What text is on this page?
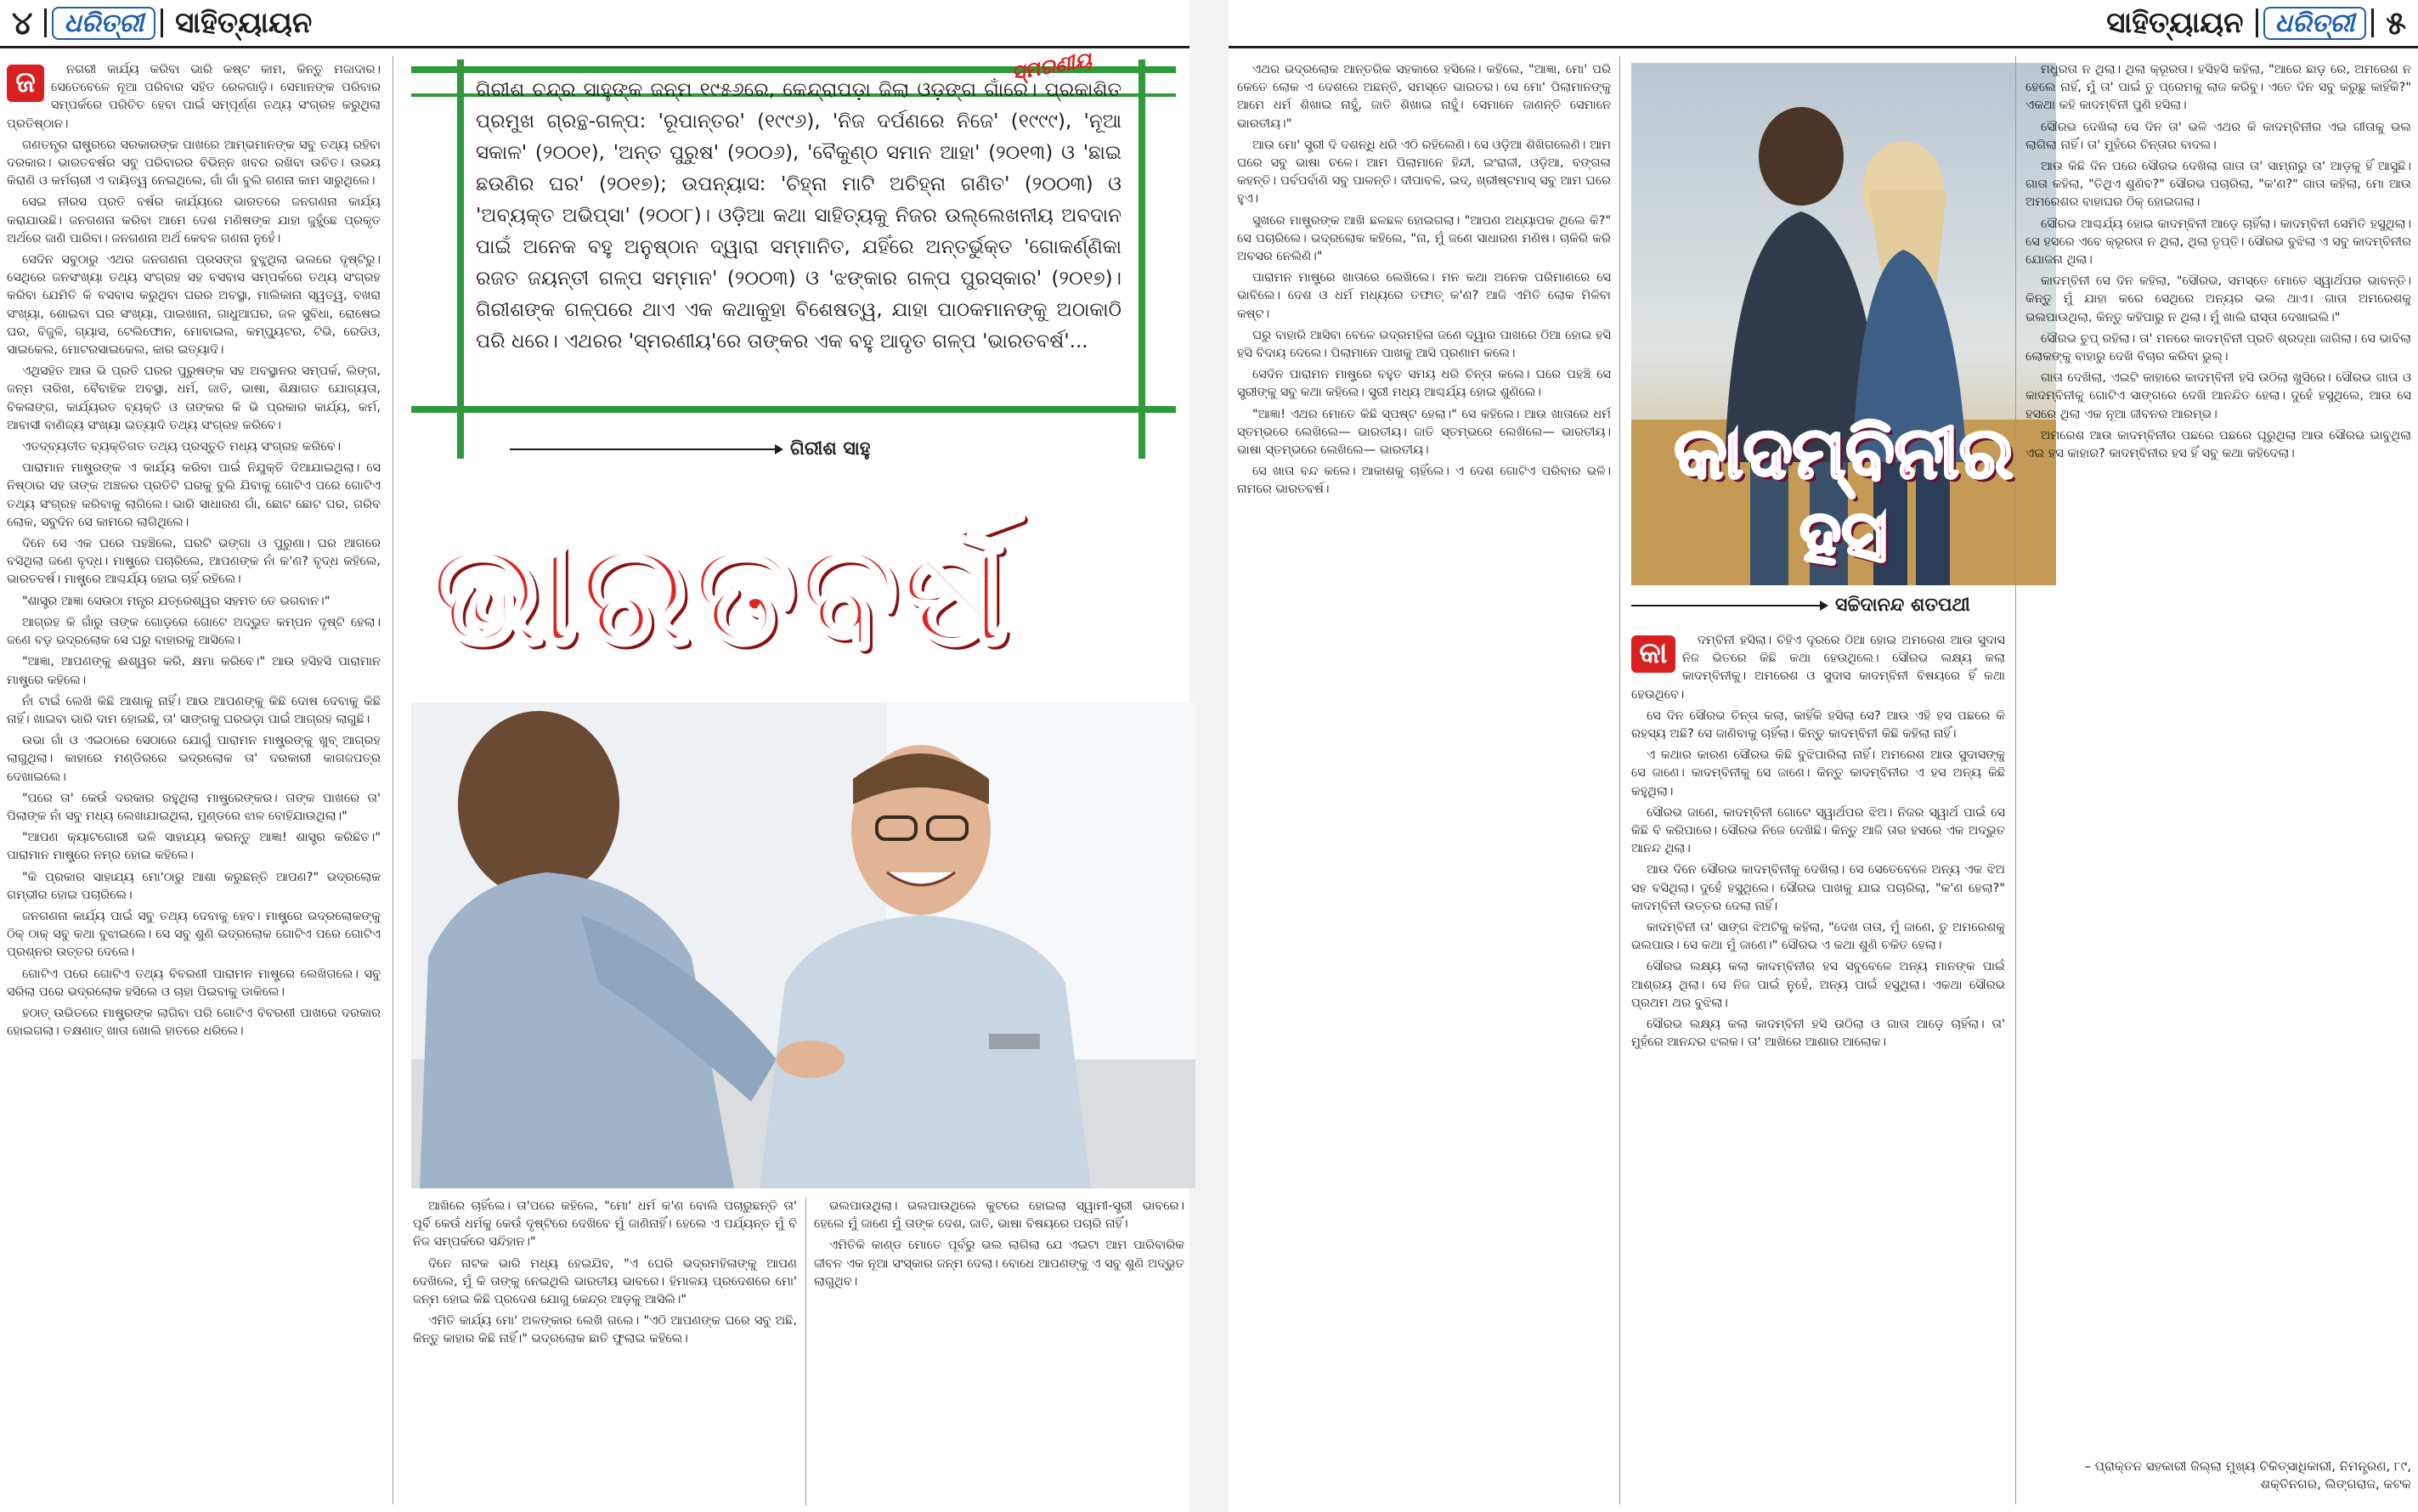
୪	ଧରିତ୍ରୀ	ସାହିତ୍ୟାୟନ	ସାହିତ୍ୟାୟନ	ଧରିତ୍ରୀ ୫
ଜ	ନଗରୀ କାର୍ଯ୍ୟ କରିବା ଭାରି କଷ୍ଟ କାମ, କିନ୍ତୁ ମଜାଦାର। ସେତେବେଳେ ନୂଆ ପରିବାର ସହିତ ରେଳଗାଡ଼ି। ସେମାନଙ୍କ ପରିବାର ସମ୍ପର୍କରେ ପରିଚିତ ହେବା ପାଇଁ ସମ୍ପୂର୍ଣ୍ଣ ତଥ୍ୟ ସଂଗ୍ରହ କରୁଥିଲା ପ୍ରତିଷ୍ଠାନ।

ଗଣତନ୍ତ୍ର ରାଷ୍ଟ୍ରରେ ସରକାରଙ୍କ ପାଖରେ ଆମ୍ଭମାନଙ୍କ ସବୁ ତଥ୍ୟ ରହିବା ଦରକାର। ଭାରତବର୍ଷର ସବୁ ପରିବାରର ବିଭିନ୍ନ ଖବର ରଖିବା ଉଚିତ। ଉଭୟ କିରାଣି ଓ କର୍ମଚାରୀ ଏ ଦାୟିତ୍ୱ ନେଇଥିଲେ, ଗାଁ ଗାଁ ବୁଲି ଗଣନା କାମ ସାରୁଥିଲେ।

ସେଇ ନୀରସ ପ୍ରତି ବର୍ଷର କାର୍ଯ୍ୟରେ ଭାରତରେ ଜନଗଣନା କାର୍ଯ୍ୟ କରାଯାଉଛି। ଜନଗଣନା କରିବା ଆମେ ଦେଶ ମଣିଷଙ୍କ ଯାହା ଜୁହୁଁଛେ ପ୍ରକୃତ ଅର୍ଥରେ ଜାଣି ପାରିବା। ଜନଗଣନା ଅର୍ଥ କେବଳ ଗଣନା ନୁହେଁ।

ସେଦିନ ସବୁଠାରୁ ଏଥର ଜନଗଣନା ପ୍ରସଙ୍ଗ ବୁଝୁଥିଲା ଭଲରେ ଦୃଷ୍ଟିରୁ। ସେଥିରେ ଜନସଂଖ୍ୟା ତଥ୍ୟ ସଂଗ୍ରହ ସହ ବସବାସ ସମ୍ପର୍କରେ ତଥ୍ୟ ସଂଗ୍ରହ କରିବା ଯେମିତି କି ବସବାସ କରୁଥିବା ଘରର ଅବସ୍ଥା, ମାଲିକାନା ସ୍ୱତ୍ୱ, ବଖରା ସଂଖ୍ୟା, ଶୋଇବା ଘର ସଂଖ୍ୟା, ପାଇଖାନା, ଗାଧୁଆଘର, ଜଳ ସୁବିଧା, ରୋଷେଇ ଘର, ବିଜୁଳି, ଗ୍ୟାସ, ଟେଲିଫୋନ, ମୋବାଇଲ, କମ୍ପ୍ୟୁଟର, ଟିଭି, ରେଡିଓ, ସାଇକେଲ, ମୋଟରସାଇକେଲ, କାର ଇତ୍ୟାଦି।

ଏଥିସହିତ ଆଉ ଭି ପ୍ରତି ଘରର ପୁରୁଷଙ୍କ ସହ ଅବସ୍ଥାନର ସମ୍ପର୍କ, ଲିଙ୍ଗ, ଜନ୍ମ ତାରିଖ, ବୈବାହିକ ଅବସ୍ଥା, ଧର୍ମ, ଜାତି, ଭାଷା, ଶିକ୍ଷାଗତ ଯୋଗ୍ୟତା, ବିକଳାଙ୍ଗ, କାର୍ଯ୍ୟରତ ବ୍ୟକ୍ତି ଓ ତାଙ୍କର କି ଭି ପ୍ରକାର କାର୍ଯ୍ୟ, କର୍ମ, ଆବାସୀ ବାଣିଜ୍ୟ ସଂଖ୍ୟା ଇତ୍ୟାଦି ତଥ୍ୟ ସଂଗ୍ରହ କରିବେ।

ଏତଦ୍‌ବ୍ୟତୀତ ବ୍ୟକ୍ତିଗତ ତଥ୍ୟ ପ୍ରସ୍ତୁତି ମଧ୍ୟ ସଂଗ୍ରହ କରିବେ।

ପାରାମାନ ମାଷ୍ଟ୍ରଙ୍କ ଏ କାର୍ଯ୍ୟ କରିବା ପାଇଁ ନିଯୁକ୍ତି ଦିଆଯାଇଥିଲା। ସେ ନିଷ୍ଠାର ସହ ତାଙ୍କ ଅଞ୍ଚଳର ପ୍ରତିଟି ଘରକୁ ବୁଲି ଯିବାକୁ ଗୋଟିଏ ପରେ ଗୋଟିଏ ତଥ୍ୟ ସଂଗ୍ରହ କରିବାକୁ ଲାଗିଲେ। ଭାରି ସାଧାରଣ ଗାଁ, ଛୋଟ ଛୋଟ ଘର, ଗରିବ ଲୋକ, ସବୁଦିନ ସେ କାମରେ ଲାଗିଥିଲେ।

ଦିନେ ସେ ଏକ ଘରେ ପହଞ୍ଚିଲେ, ଘରଟି ଭଙ୍ଗା ଓ ପୁରୁଣା। ଘର ଆଗରେ ବସିଥିଲା ଜଣେ ବୃଦ୍ଧ। ମାଷ୍ଟ୍ରେ ପଚାରିଲେ, ଆପଣଙ୍କ ନାଁ କ'ଣ? ବୃଦ୍ଧ କହିଲେ, ଭାରତବର୍ଷ। ମାଷ୍ଟ୍ରେ ଆଶ୍ଚର୍ଯ୍ୟ ହୋଇ ଚାହିଁ ରହିଲେ।

"ଶାସ୍ତ୍ର ଆଜ୍ଞା ସେଉଠା ମନ୍ତ୍ର ଯତ୍ରେଶ୍ୱର ସହମତ ତେ ଭଗବାନ।"

ଆଗ୍ରହ କି ଗାଁରୁ ତାଙ୍କ ଗୋଡ଼ରେ ଗୋଟେ ଅଦ୍ଭୁତ କମ୍ପନ ଦୃଷ୍ଟି ହେଲା। ଜଣେ ବଡ଼ ଭଦ୍ରଲୋକ ସେ ଘରୁ ବାହାରକୁ ଆସିଲେ।

"ଆଜ୍ଞା, ଆପଣଙ୍କୁ ଈଶ୍ୱର କରି, କ୍ଷମା କରିବେ।" ଆଉ ହସିହସି ପାରାମାନ ମାଷ୍ଟ୍ରେ କହିଲେ।

ନାଁ ଟାଇଁ ଲେଖି କିଛି ଆଶାକୁ ନାହିଁ। ଆଉ ଆପଣଙ୍କୁ କିଛି ଦୋଷ ଦେବାକୁ କିଛି ନାହିଁ। ଖାଇବା ଭାରି ଦାମ ହୋଇଛି, ତା' ସାଙ୍ଗକୁ ଘରଭଡ଼ା ପାଇଁ ଆଗ୍ରହ ଲାଗୁଛି।

ଉଭା ଗାଁ ଓ ଏଇଠାରେ ସେଠାରେ ଯୋଗୁଁ ପାରାମନ ମାଷ୍ଟ୍ରଙ୍କୁ ଖୁବ୍ ଆଗ୍ରହ ଲାଗୁଥିଲା। କାହାରେ ମଣ୍ଡିରରେ ଭଦ୍ରଲୋକ ତା' ଦରକାରୀ କାଗଜପତ୍ର ଦେଖାଇଲେ।

"ପରେ ତା' କେଉଁ ଦରକାର ରହୁଥିଲା ମାଷ୍ଟ୍ରେଙ୍କର। ତାଙ୍କ ପାଖରେ ତା' ପିଲାଙ୍କ ନାଁ ସବୁ ମଧ୍ୟ ଲେଖାଯାଇଥିଲା, ମୁଣ୍ଡରେ ଝାଳ ବୋହିଯାଉଥିଲା।"

"ଆପଣ କ୍ୟାଟଗୋରୀ ଭଳି ସାହାଯ୍ୟ କରନ୍ତୁ ଆଜ୍ଞା! ଶାସ୍ତ୍ର କରିଛିତ।" ପାରାମାନ ମାଷ୍ଟ୍ରେ ନମ୍ର ହୋଇ କହିଲେ।

"କି ପ୍ରକାର ସାହାଯ୍ୟ ମୋ'ଠାରୁ ଆଶା କରୁଛନ୍ତି ଆପଣ?" ଭଦ୍ରଲୋକ ଗମ୍ଭୀର ହୋଇ ପଚାରିଲେ।

ଜନଗଣନା କାର୍ଯ୍ୟ ପାଇଁ ସବୁ ତଥ୍ୟ ଦେବାକୁ ହେବ। ମାଷ୍ଟ୍ରେ ଭଦ୍ରଲୋକଙ୍କୁ ଠିକ୍ ଠାକ୍ ସବୁ କଥା ବୁଝାଇଲେ। ସେ ସବୁ ଶୁଣି ଭଦ୍ରଲୋକ ଗୋଟିଏ ପରେ ଗୋଟିଏ ପ୍ରଶ୍ନର ଉତ୍ତର ଦେଲେ।

ଗୋଟିଏ ପରେ ଗୋଟିଏ ତଥ୍ୟ ବିବରଣୀ ପାରାମନ ମାଷ୍ଟ୍ରେ ଲେଖିଗଲେ। ସବୁ ସରିଲା ପରେ ଭଦ୍ରଲୋକ ହସିଲେ ଓ ଚାହା ପିଇବାକୁ ଡାକିଲେ।

ହଠାତ୍ ଉଭିତରେ ମାଷ୍ଟ୍ରଙ୍କ ଲାଗିବା ପରି ଗୋଟିଏ ବିବରଣୀ ପାଖରେ ଦରକାର ହୋଇଗଲା। ତକ୍ଷଣାତ୍ ଖାତା ଖୋଲି ହାତରେ ଧରିଲେ।

ସ୍ମରଣୀୟ
ଗିରୀଶ ଚନ୍ଦ୍ର ସାହୁଙ୍କ ଜନ୍ମ ୧୯୫୬ରେ, କେନ୍ଦ୍ରାପଡ଼ା ଜିଲା ଓଡ଼ଙ୍ଗ ଗାଁରେ। ପ୍ରକାଶିତ ପ୍ରମୁଖ ଗ୍ରନ୍ଥ-ଗଳ୍ପ: 'ରୂପାନ୍ତର' (୧୯୯୬), 'ନିଜ ଦର୍ପଣରେ ନିଜେ' (୧୯୯୯), 'ନୂଆ ସକାଳ' (୨୦୦୧), 'ଅନ୍ତ ପୁରୁଷ' (୨୦୦୬), 'ବୈକୁଣ୍ଠ ସମାନ ଆହା' (୨୦୧୩) ଓ 'ଛାଇ ଛଉଣିର ଘର' (୨୦୧୭); ଉପନ୍ୟାସ: 'ଚିହ୍ନା ମାଟି ଅଚିହ୍ନା ଗଣିତ' (୨୦୦୩) ଓ 'ଅବ୍ୟକ୍ତ ଅଭିପ୍ସା' (୨୦୦୮)। ଓଡ଼ିଆ କଥା ସାହିତ୍ୟକୁ ନିଜର ଉଲ୍ଲେଖନୀୟ ଅବଦାନ ପାଇଁ ଅନେକ ବହୁ ଅନୁଷ୍ଠାନ ଦ୍ୱାରା ସମ୍ମାନିତ, ଯହିଁରେ ଅନ୍ତର୍ଭୁକ୍ତ 'ଗୋକର୍ଣ୍ଣିକା ରଜତ ଜୟନ୍ତୀ ଗଳ୍ପ ସମ୍ମାନ' (୨୦୦୩) ଓ 'ଝଙ୍କାର ଗଳ୍ପ ପୁରସ୍କାର' (୨୦୧୭)। ଗିରୀଶଙ୍କ ଗଳ୍ପରେ ଥାଏ ଏକ କଥାକୁହା ବିଶେଷତ୍ୱ, ଯାହା ପାଠକମାନଙ୍କୁ ଅଠାକାଠି ପରି ଧରେ। ଏଥରର 'ସ୍ମରଣୀୟ'ରେ ତାଙ୍କର ଏକ ବହୁ ଆଦୃତ ଗଳ୍ପ 'ଭାରତବର୍ଷ'...
ଗିରୀଶ ସାହୁ
ଭାରତବର୍ଷ

ଆଖିରେ ଚାହିଁଲେ। ତା'ପରେ କହିଲେ, "ମୋ' ଧର୍ମ କ'ଣ ବୋଲି ପଚାରୁଛନ୍ତି ତା' ପୂର୍ବି କେଉଁ ଧର୍ମକୁ କେଉଁ ଦୃଷ୍ଟିରେ ଦେଖିବେ ମୁଁ ଜାଣିନାହିଁ। ହେଲେ ଏ ପର୍ଯ୍ୟନ୍ତ ମୁଁ ବି ନିଜ ସମ୍ପର୍କରେ ସନ୍ଦିହାନ।"

ଦିନେ ନାଟକ ଭାରି ମଧ୍ୟ ହେଇଯିବ, "ଏ ଘେରି ଭଦ୍ରମହିଳାଙ୍କୁ ଆପଣ ଦେଖିଲେ, ମୁଁ କି ତାଙ୍କୁ ନେଇଥିଲି ଭାରତୀୟ ଭାବରେ। ହିମାଳୟ ପ୍ରଦେଶରେ ମୋ' ଜନ୍ମ ହୋଇ କିଛି ପ୍ରଦେଶ ଯୋଗୁ କେନ୍ଦ୍ର ଆଡ଼କୁ ଆସିଲି।"

ଏମିତି କାର୍ଯ୍ୟ ମୋ' ଅଳଙ୍କାର ଲେଖି ଗଲେ। "ଏଠି ଆପଣଙ୍କ ଘରେ ସବୁ ଅଛି, କିନ୍ତୁ କାହାର କିଛି ନାହିଁ।" ଭଦ୍ରଲୋକ ଛାତି ଫୁଲାଇ କହିଲେ।

ଭଲପାଉଥିଲା। ଭଲପାଉଥିଲେ କୁଟରେ ହୋଇଲା ସ୍ୱାମୀ-ସ୍ତ୍ରୀ ଭାବରେ। ହେଲେ ମୁଁ ଜାଣେ ମୁଁ ତାଙ୍କ ଦେଶ, ଜାତି, ଭାଷା ବିଷୟରେ ପଚାରି ନାହିଁ।

ଏମିତିକି କାଣ୍ଡ ମୋତେ ପୂର୍ବରୁ ଭଲ ଲାଗିଲା ଯେ ଏଇଟା ଆମ ପାରିବାରିକ ଜୀବନ ଏକ ନୂଆ ସଂସ୍କାର ଜନ୍ମ ଦେଲା। ବୋଧେ ଆପଣଙ୍କୁ ଏ ସବୁ ଶୁଣି ଅଦ୍ଭୁତ ଲାଗୁଥିବ।

ଏଥର ଭଦ୍ରଲୋକ ଆନ୍ତରିକ ସହକାରେ ହସିଲେ। କହିଲେ, "ଆଜ୍ଞା, ମୋ' ପରି କେତେ ଲୋକ ଏ ଦେଶରେ ଅଛନ୍ତି, ସମସ୍ତେ ଭାରତର। ସେ ମୋ' ପିଲାମାନଙ୍କୁ ଆମେ ଧର୍ମ ଶିଖାଇ ନାହୁଁ, ଜାତି ଶିଖାଇ ନାହୁଁ। ସେମାନେ ଜାଣନ୍ତି ସେମାନେ ଭାରତୀୟ।"

ଆଉ ମୋ' ସ୍ତ୍ରୀ ଦି ଦଶନ୍ଧି ଧରି ଏଠି ରହିଲେଣି। ସେ ଓଡ଼ିଆ ଶିଖିଗଲେଣି। ଆମ ଘରେ ସବୁ ଭାଷା ଚଳେ। ଆମ ପିଲାମାନେ ହିନ୍ଦୀ, ଇଂରାଜୀ, ଓଡ଼ିଆ, ବଙ୍ଗଳା କହନ୍ତି। ପର୍ବପର୍ବାଣି ସବୁ ପାଳନ୍ତି। ଦୀପାବଳି, ଇଦ୍, ଖ୍ରୀଷ୍ଟମାସ୍ ସବୁ ଆମ ଘରେ ହୁଏ।

ସୁଖରେ ମାଷ୍ଟ୍ରଙ୍କ ଆଖି ଛଳଛଳ ହୋଇଗଲା। "ଆପଣ ଅଧ୍ୟାପକ ଥିଲେ କି?" ସେ ପଚାରିଲେ। ଭଦ୍ରଲୋକ କହିଲେ, "ନା, ମୁଁ ଜଣେ ସାଧାରଣ ମଣିଷ। ଚାକିରି କରି ଅବସର ନେଲିଣି।"

ପାରାମନ ମାଷ୍ଟ୍ରେ ଖାତାରେ ଲେଖିଲେ। ମନ କଥା ଅନେକ ପରିମାଣରେ ସେ ଭାବିଲେ। ଦେଶ ଓ ଧର୍ମ ମଧ୍ୟରେ ତଫାତ୍ କ'ଣ? ଆଜି ଏମିତି ଲୋକ ମିଳିବା କଷ୍ଟ।

ଘରୁ ବାହାରି ଆସିବା ବେଳେ ଭଦ୍ରମହିଳା ଜଣେ ଦ୍ୱାର ପାଖରେ ଠିଆ ହୋଇ ହସି ହସି ବିଦାୟ ଦେଲେ। ପିଲାମାନେ ପାଖକୁ ଆସି ପ୍ରଣାମ କଲେ।

ସେଦିନ ପାରାମନ ମାଷ୍ଟ୍ରେ ବହୁତ ସମୟ ଧରି ଚିନ୍ତା କଲେ। ଘରେ ପହଞ୍ଚି ସେ ସ୍ତ୍ରୀଙ୍କୁ ସବୁ କଥା କହିଲେ। ସ୍ତ୍ରୀ ମଧ୍ୟ ଆଶ୍ଚର୍ଯ୍ୟ ହୋଇ ଶୁଣିଲେ।

"ଆଜ୍ଞା! ଏଥର ମୋତେ କିଛି ସ୍ପଷ୍ଟ ହେଲା।" ସେ କହିଲେ। ଆଉ ଖାତାରେ ଧର୍ମ ସ୍ତମ୍ଭରେ ଲେଖିଲେ— ଭାରତୀୟ। ଜାତି ସ୍ତମ୍ଭରେ ଲେଖିଲେ— ଭାରତୀୟ। ଭାଷା ସ୍ତମ୍ଭରେ ଲେଖିଲେ— ଭାରତୀୟ।

ସେ ଖାତା ବନ୍ଦ କଲେ। ଆକାଶକୁ ଚାହିଁଲେ। ଏ ଦେଶ ଗୋଟିଏ ପରିବାର ଭଳି। ନାମରେ ଭାରତବର୍ଷ।	କାଦମ୍ବିନୀର
ହସ
ସଚ୍ଚିଦାନନ୍ଦ ଶତପଥୀ
କା	ଦମ୍ବିନୀ ହସିଲା। ଚିହିଏ ଦୂରରେ ଠିଆ ହୋଇ ଅମରେଶ ଆଉ ସୁଦାସ ନିଜ ଭିତରେ କିଛି କଥା ହେଉଥିଲେ। ସୌରଭ ଲକ୍ଷ୍ୟ କଲା କାଦମ୍ବିନୀକୁ। ଅମରେଶ ଓ ସୁଦାସ କାଦମ୍ବିନୀ ବିଷୟରେ ହିଁ କଥା ହେଉଥିବେ।

ସେ ଦିନ ସୌରଭ ଚିନ୍ତା କଲା, କାହିଁକି ହସିଲା ସେ? ଆଉ ଏହି ହସ ପଛରେ କି ରହସ୍ୟ ଅଛି? ସେ ଜାଣିବାକୁ ଚାହିଁଲା। କିନ୍ତୁ କାଦମ୍ବିନୀ କିଛି କହିଲା ନାହିଁ।

ଏ କଥାର କାରଣ ସୌରଭ କିଛି ବୁଝିପାରିଲା ନାହିଁ। ଅମରେଶ ଆଉ ସୁଦାସଙ୍କୁ ସେ ଜାଣେ। କାଦମ୍ବିନୀକୁ ସେ ଜାଣେ। କିନ୍ତୁ କାଦମ୍ବିନୀର ଏ ହସ ଅନ୍ୟ କିଛି କହୁଥିଲା।

ସୌରଭ ଜାଣେ, କାଦମ୍ବିନୀ ଗୋଟେ ସ୍ୱାର୍ଥପର ଝିଅ। ନିଜର ସ୍ୱାର୍ଥ ପାଇଁ ସେ କିଛି ବି କରିପାରେ। ସୌରଭ ନିଜେ ଦେଖିଛି। କିନ୍ତୁ ଆଜି ତାର ହସରେ ଏକ ଅଦ୍ଭୁତ ଆନନ୍ଦ ଥିଲା।

ଆଉ ଦିନେ ସୌରଭ କାଦମ୍ବିନୀକୁ ଦେଖିଲା। ସେ ସେତେବେଳେ ଅନ୍ୟ ଏକ ଝିଅ ସହ ବସିଥିଲା। ଦୁହେଁ ହସୁଥିଲେ। ସୌରଭ ପାଖକୁ ଯାଇ ପଚାରିଲା, "କ'ଣ ହେଲା?" କାଦମ୍ବିନୀ ଉତ୍ତର ଦେଲା ନାହିଁ।

କାଦମ୍ବିନୀ ତା' ସାଙ୍ଗ ଝିଅଟିକୁ କହିଲା, "ଦେଖ ତାତା, ମୁଁ ଜାଣେ, ତୁ ଅମରେଶକୁ ଭଲପାଉ। ସେ କଥା ମୁଁ ଜାଣେ।" ସୌରଭ ଏ କଥା ଶୁଣି ଚକିତ ହେଲା।

ସୌରଭ ଲକ୍ଷ୍ୟ କଲା କାଦମ୍ବିନୀର ହସ ସବୁବେଳେ ଅନ୍ୟ ମାନଙ୍କ ପାଇଁ ଆଶ୍ରୟ ଥିଲା। ସେ ନିଜ ପାଇଁ ନୁହେଁ, ଅନ୍ୟ ପାଇଁ ହସୁଥିଲା। ଏକଥା ସୌରଭ ପ୍ରଥମ ଥର ବୁଝିଲା।

ସୌରଭ ଲକ୍ଷ୍ୟ କଲା କାଦମ୍ବିନୀ ହସି ଉଠିଲା ଓ ଗାତା ଆଡ଼େ ଚାହିଁଲା। ତା' ମୁହଁରେ ଆନନ୍ଦର ଝଲକ। ତା' ଆଖିରେ ଆଶାର ଆଲୋକ।

ମଧୁରତା ନ ଥିଲା। ଥିଲା କ୍ରୂରତା। ହସିହସି କହିଲା, "ଆରେ ଛାଡ଼ ରେ, ଅମରେଶ ନ ହେଲେ ନାହିଁ, ମୁଁ ତା' ପାଇଁ ତୁ ପ୍ରେମକୁ ଲାଜ କରିବୁ। ଏତେ ଦିନ ସବୁ କରୁଛୁ କାହିଁକି?" ଏକଥା କହି କାଦମ୍ବିନୀ ପୁଣି ହସିଲା।

ସୌରଭ ଦେଖିଲା ସେ ଦିନ ତା' ଭଳି ଏଥର କି କାଦମ୍ବିନୀର ଏଇ ଗୀତାକୁ ଭଲ ଲାଗିଲା ନାହିଁ। ତା' ମୁହଁରେ ଚିନ୍ତାର ବାଦଲ।

ଆଉ କିଛି ଦିନ ପରେ ସୌରଭ ଦେଖିଲା ଗାତା ତା' ସାମ୍ନାରୁ ତା' ଆଡ଼କୁ ହିଁ ଆସୁଛି। ଗାତା କହିଲା, "ତିଥିଏ ଶୁଣିବ?" ସୌରଭ ପଚାରିଲା, "କ'ଣ?" ଗାତା କହିଲା, ମୋ ଆଉ ଅମରେଶର ବାହାଘର ଠିକ୍ ହୋଇଗଲା।

ସୌରଭ ଆଶ୍ଚର୍ଯ୍ୟ ହୋଇ କାଦମ୍ବିନୀ ଆଡ଼େ ଚାହିଁଲା। କାଦମ୍ବିନୀ ସେମିତି ହସୁଥିଲା। ସେ ହସରେ ଏବେ କ୍ରୂରତା ନ ଥିଲା, ଥିଲା ତୃପ୍ତି। ସୌରଭ ବୁଝିଲା ଏ ସବୁ କାଦମ୍ବିନୀର ଯୋଜନା ଥିଲା।

କାଦମ୍ବିନୀ ସେ ଦିନ କହିଲା, "ସୌରଭ, ସମସ୍ତେ ମୋତେ ସ୍ୱାର୍ଥପର ଭାବନ୍ତି। କିନ୍ତୁ ମୁଁ ଯାହା କରେ ସେଥିରେ ଅନ୍ୟର ଭଲ ଥାଏ। ଗାତା ଅମରେଶକୁ ଭଲପାଉଥିଲା, କିନ୍ତୁ କହିପାରୁ ନ ଥିଲା। ମୁଁ ଖାଲି ରାସ୍ତା ଦେଖାଇଲି।"

ସୌରଭ ଚୁପ୍ ରହିଲା। ତା' ମନରେ କାଦମ୍ବିନୀ ପ୍ରତି ଶ୍ରଦ୍ଧା ଜାଗିଲା। ସେ ଭାବିଲା ଲୋକଙ୍କୁ ବାହାରୁ ଦେଖି ବିଚାର କରିବା ଭୁଲ୍।

ଗାତା ଦେଖିଲା, ଏଇଟି କାହାରେ କାଦମ୍ବିନୀ ହସି ଉଠିଲା ଖୁସିରେ। ସୌରଭ ଗାତା ଓ କାଦମ୍ବିନୀକୁ ଗୋଟିଏ ସାଙ୍ଗରେ ଦେଖି ଆନନ୍ଦିତ ହେଲା। ଦୁହେଁ ହସୁଥିଲେ, ଆଉ ସେ ହସରେ ଥିଲା ଏକ ନୂଆ ଜୀବନର ଆରମ୍ଭ।

ଅମରେଶ ଆଉ କାଦମ୍ବିନୀର ପଛରେ ପଛରେ ଘୂରୁଥିଲା ଆଉ ସୌରଭ ଭାବୁଥିଲା ଏଇ ହସ କାହାର? କାଦମ୍ବିନୀର ହସ ହିଁ ସବୁ କଥା କହିଦେଲା।

– ପ୍ରାକ୍ତନ ସହକାରୀ ଜିଲ୍ଲା ମୁଖ୍ୟ ଚିକିତ୍ସାଧିକାରୀ, ନିମନ୍ତ୍ରଣ, ୮୯, ଶକ୍ତିନଗର, ଲିଙ୍ଗରାଜ, କଟକ
